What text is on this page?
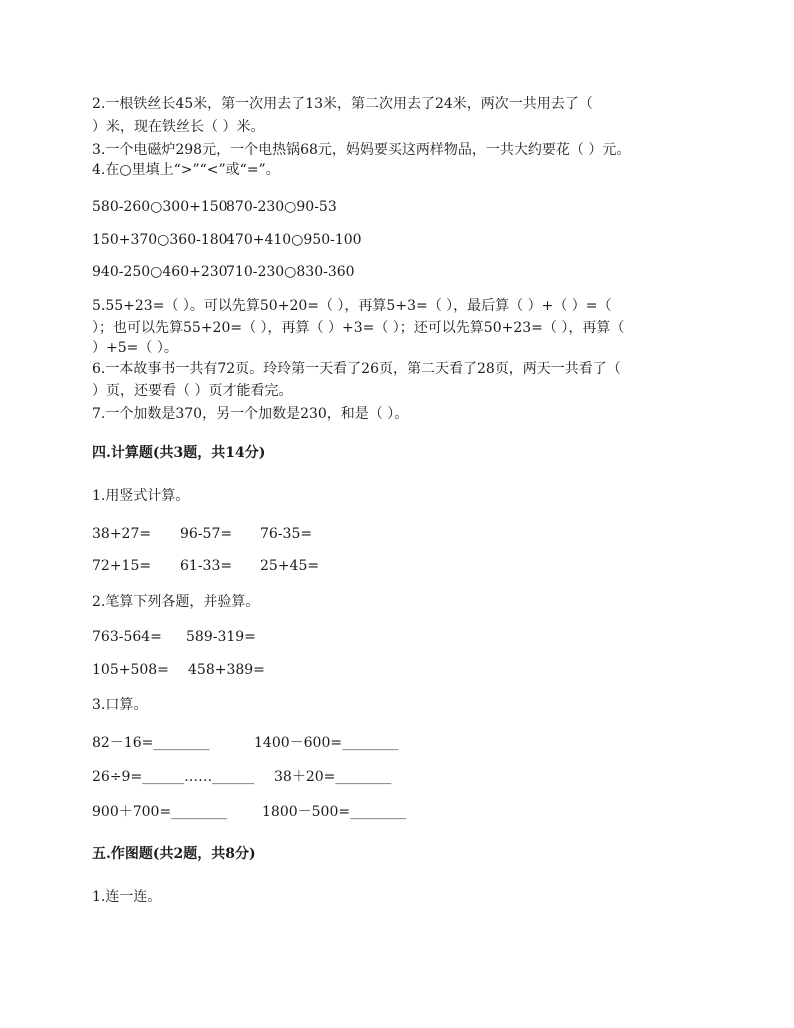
2.一根铁丝长45米，第一次用去了13米，第二次用去了24米，两次一共用去了（
）米，现在铁丝长（ ）米。
3.一个电磁炉298元，一个电热锅68元，妈妈要买这两样物品，一共大约要花（ ）元。
4.在○里填上“>”“<”或“=”。
580-260○300+150
870-230○90-53
150+370○360-180
470+410○950-100
940-250○460+230
710-230○830-360
5.55+23=（ ）。可以先算50+20=（ ），再算5+3=（ ），最后算（ ）+（ ）=（
）；也可以先算55+20=（ ），再算（ ）+3=（ ）；还可以先算50+23=（ ），再算（
）+5=（ ）。
6.一本故事书一共有72页。玲玲第一天看了26页，第二天看了28页，两天一共看了（
）页，还要看（ ）页才能看完。
7.一个加数是370，另一个加数是230，和是（ ）。
四.计算题(共3题，共14分)
1.用竖式计算。
38+27= 96-57= 76-35=
72+15= 61-33= 25+45=
2.笔算下列各题，并验算。
763-564= 589-319=
105+508= 458+389=
3.口算。
82－16=________	1400－600=________
26÷9=______……______ 38＋20=________
900＋700=________ 1800－500=________
五.作图题(共2题，共8分)
1.连一连。
